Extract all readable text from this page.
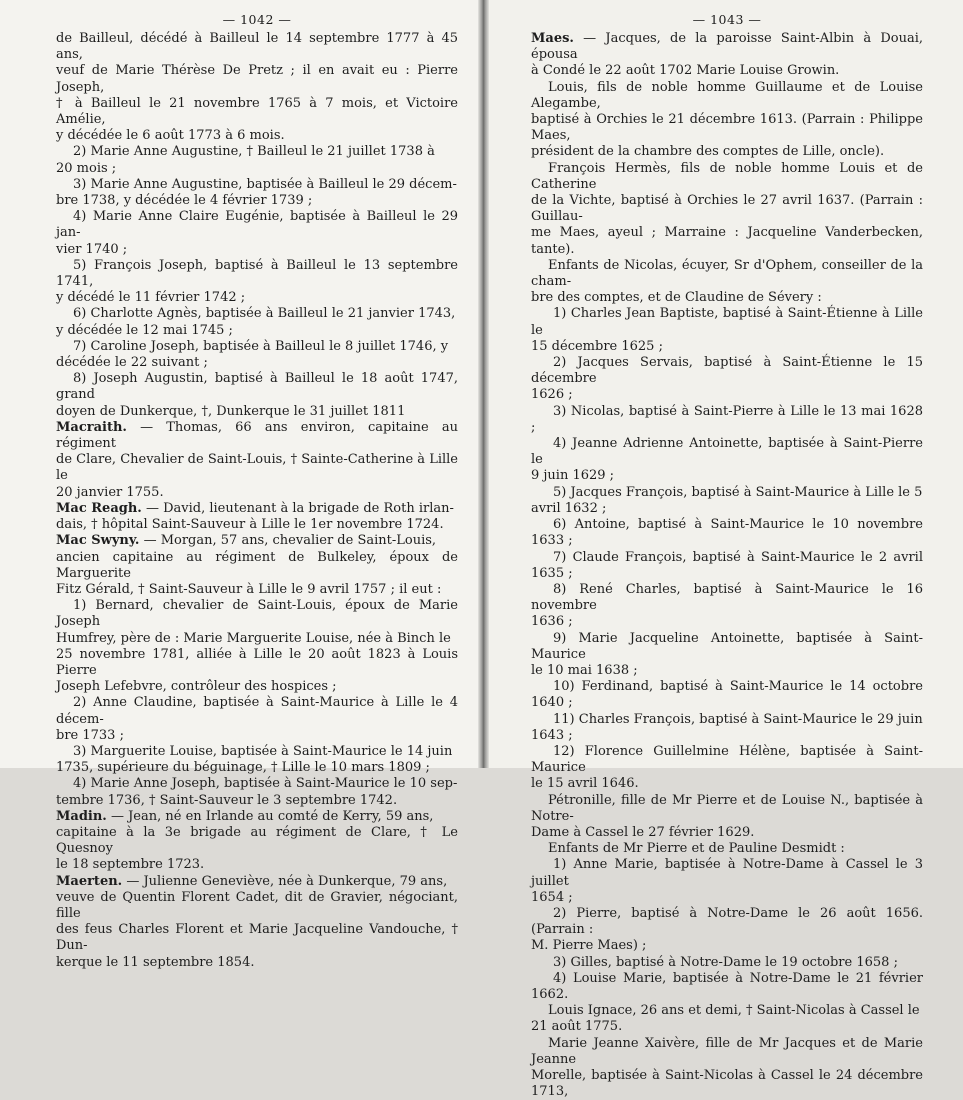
— 1042 —

de Bailleul, décédé à Bailleul le 14 septembre 1777 à 45 ans,

veuf de Marie Thérèse De Pretz ; il en avait eu : Pierre Joseph,

† à Bailleul le 21 novembre 1765 à 7 mois, et Victoire Amélie,

y décédée le 6 août 1773 à 6 mois.

2) Marie Anne Augustine, † Bailleul le 21 juillet 1738 à

20 mois ;

3) Marie Anne Augustine, baptisée à Bailleul le 29 décem-

bre 1738, y décédée le 4 février 1739 ;

4) Marie Anne Claire Eugénie, baptisée à Bailleul le 29 jan-

vier 1740 ;

5) François Joseph, baptisé à Bailleul le 13 septembre 1741,

y décédé le 11 février 1742 ;

6) Charlotte Agnès, baptisée à Bailleul le 21 janvier 1743,

y décédée le 12 mai 1745 ;

7) Caroline Joseph, baptisée à Bailleul le 8 juillet 1746, y

décédée le 22 suivant ;

8) Joseph Augustin, baptisé à Bailleul le 18 août 1747, grand

doyen de Dunkerque, †, Dunkerque le 31 juillet 1811

Macraith. — Thomas, 66 ans environ, capitaine au régiment

de Clare, Chevalier de Saint-Louis, † Sainte-Catherine à Lille le

20 janvier 1755.

Mac Reagh. — David, lieutenant à la brigade de Roth irlan-

dais, † hôpital Saint-Sauveur à Lille le 1er novembre 1724.

Mac Swyny. — Morgan, 57 ans, chevalier de Saint-Louis,

ancien capitaine au régiment de Bulkeley, époux de Marguerite

Fitz Gérald, † Saint-Sauveur à Lille le 9 avril 1757 ; il eut :

1) Bernard, chevalier de Saint-Louis, époux de Marie Joseph

Humfrey, père de : Marie Marguerite Louise, née à Binch le

25 novembre 1781, alliée à Lille le 20 août 1823 à Louis Pierre

Joseph Lefebvre, contrôleur des hospices ;

2) Anne Claudine, baptisée à Saint-Maurice à Lille le 4 décem-

bre 1733 ;

3) Marguerite Louise, baptisée à Saint-Maurice le 14 juin

1735, supérieure du béguinage, † Lille le 10 mars 1809 ;

4) Marie Anne Joseph, baptisée à Saint-Maurice le 10 sep-

tembre 1736, † Saint-Sauveur le 3 septembre 1742.

Madin. — Jean, né en Irlande au comté de Kerry, 59 ans,

capitaine à la 3e brigade au régiment de Clare, † Le Quesnoy

le 18 septembre 1723.

Maerten. — Julienne Geneviève, née à Dunkerque, 79 ans,

veuve de Quentin Florent Cadet, dit de Gravier, négociant, fille

des feus Charles Florent et Marie Jacqueline Vandouche, † Dun-

kerque le 11 septembre 1854.

— 1043 —

Maes. — Jacques, de la paroisse Saint-Albin à Douai, épousa

à Condé le 22 août 1702 Marie Louise Growin.

Louis, fils de noble homme Guillaume et de Louise Alegambe,

baptisé à Orchies le 21 décembre 1613. (Parrain : Philippe Maes,

président de la chambre des comptes de Lille, oncle).

François Hermès, fils de noble homme Louis et de Catherine

de la Vichte, baptisé à Orchies le 27 avril 1637. (Parrain : Guillau-

me Maes, ayeul ; Marraine : Jacqueline Vanderbecken, tante).

Enfants de Nicolas, écuyer, Sr d'Ophem, conseiller de la cham-

bre des comptes, et de Claudine de Sévery :

1) Charles Jean Baptiste, baptisé à Saint-Étienne à Lille le

15 décembre 1625 ;

2) Jacques Servais, baptisé à Saint-Étienne le 15 décembre

1626 ;

3) Nicolas, baptisé à Saint-Pierre à Lille le 13 mai 1628 ;

4) Jeanne Adrienne Antoinette, baptisée à Saint-Pierre le

9 juin 1629 ;

5) Jacques François, baptisé à Saint-Maurice à Lille le 5

avril 1632 ;

6) Antoine, baptisé à Saint-Maurice le 10 novembre 1633 ;

7) Claude François, baptisé à Saint-Maurice le 2 avril 1635 ;

8) René Charles, baptisé à Saint-Maurice le 16 novembre

1636 ;

9) Marie Jacqueline Antoinette, baptisée à Saint-Maurice

le 10 mai 1638 ;

10) Ferdinand, baptisé à Saint-Maurice le 14 octobre 1640 ;

11) Charles François, baptisé à Saint-Maurice le 29 juin

1643 ;

12) Florence Guillelmine Hélène, baptisée à Saint-Maurice

le 15 avril 1646.

Pétronille, fille de Mr Pierre et de Louise N., baptisée à Notre-

Dame à Cassel le 27 février 1629.

Enfants de Mr Pierre et de Pauline Desmidt :

1) Anne Marie, baptisée à Notre-Dame à Cassel le 3 juillet

1654 ;

2) Pierre, baptisé à Notre-Dame le 26 août 1656. (Parrain :

M. Pierre Maes) ;

3) Gilles, baptisé à Notre-Dame le 19 octobre 1658 ;

4) Louise Marie, baptisée à Notre-Dame le 21 février 1662.

Louis Ignace, 26 ans et demi, † Saint-Nicolas à Cassel le

21 août 1775.

Marie Jeanne Xaivère, fille de Mr Jacques et de Marie Jeanne

Morelle, baptisée à Saint-Nicolas à Cassel le 24 décembre 1713,
